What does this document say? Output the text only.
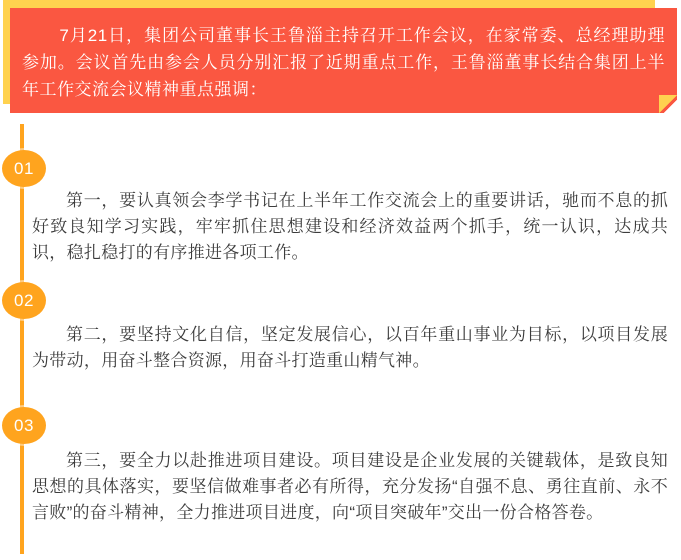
7月21日，集团公司董事长王鲁淄主持召开工作会议，在家常委、总经理助理参加。会议首先由参会人员分别汇报了近期重点工作，王鲁淄董事长结合集团上半年工作交流会议精神重点强调：

01

第一，要认真领会李学书记在上半年工作交流会上的重要讲话，驰而不息的抓好致良知学习实践，牢牢抓住思想建设和经济效益两个抓手，统一认识，达成共识，稳扎稳打的有序推进各项工作。

02

第二，要坚持文化自信，坚定发展信心，以百年重山事业为目标，以项目发展为带动，用奋斗整合资源，用奋斗打造重山精气神。

03

第三，要全力以赴推进项目建设。项目建设是企业发展的关键载体，是致良知思想的具体落实，要坚信做难事者必有所得，充分发扬“自强不息、勇往直前、永不言败”的奋斗精神，全力推进项目进度，向“项目突破年”交出一份合格答卷。
